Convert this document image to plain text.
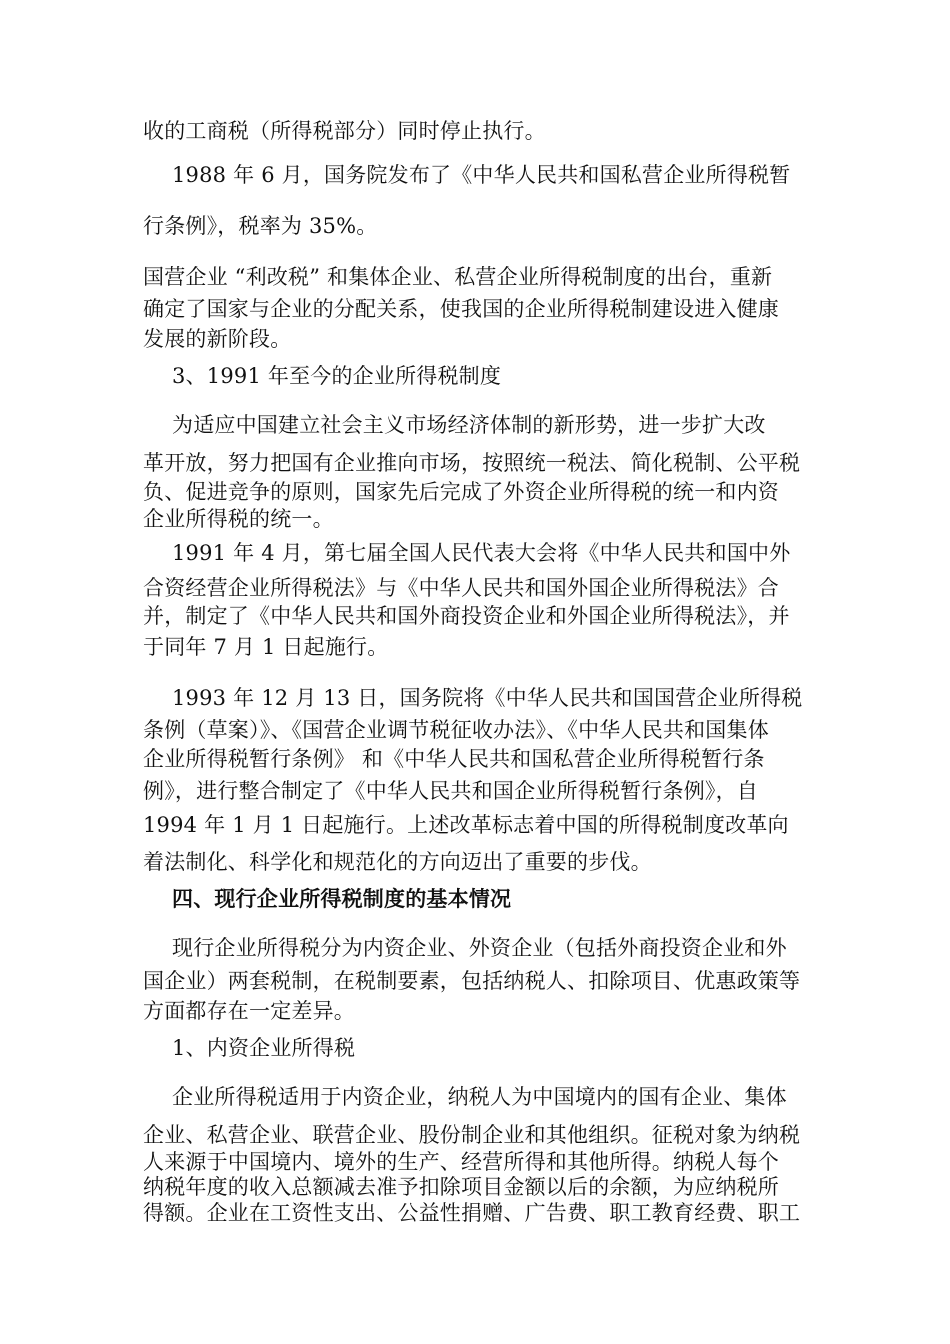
收的工商税（所得税部分）同时停止执行。
1988 年 6 月，国务院发布了《中华人民共和国私营企业所得税暂
行条例》，税率为 35%。
国营企业 “利改税” 和集体企业、私营企业所得税制度的出台，重新
确定了国家与企业的分配关系，使我国的企业所得税制建设进入健康
发展的新阶段。
3、1991 年至今的企业所得税制度
为适应中国建立社会主义市场经济体制的新形势，进一步扩大改
革开放，努力把国有企业推向市场，按照统一税法、简化税制、公平税
负、促进竞争的原则，国家先后完成了外资企业所得税的统一和内资
企业所得税的统一。
1991 年 4 月，第七届全国人民代表大会将《中华人民共和国中外
合资经营企业所得税法》与《中华人民共和国外国企业所得税法》合
并，制定了《中华人民共和国外商投资企业和外国企业所得税法》，并
于同年 7 月 1 日起施行。
1993 年 12 月 13 日，国务院将《中华人民共和国国营企业所得税
条例（草案）》、《国营企业调节税征收办法》、《中华人民共和国集体
企业所得税暂行条例》 和《中华人民共和国私营企业所得税暂行条
例》，进行整合制定了《中华人民共和国企业所得税暂行条例》，自
1994 年 1 月 1 日起施行。上述改革标志着中国的所得税制度改革向
着法制化、科学化和规范化的方向迈出了重要的步伐。
四、现行企业所得税制度的基本情况
现行企业所得税分为内资企业、外资企业（包括外商投资企业和外
国企业）两套税制，在税制要素，包括纳税人、扣除项目、优惠政策等
方面都存在一定差异。
1、内资企业所得税
企业所得税适用于内资企业，纳税人为中国境内的国有企业、集体
企业、私营企业、联营企业、股份制企业和其他组织。征税对象为纳税
人来源于中国境内、境外的生产、经营所得和其他所得。纳税人每个
纳税年度的收入总额减去准予扣除项目金额以后的余额，为应纳税所
得额。企业在工资性支出、公益性捐赠、广告费、职工教育经费、职工
